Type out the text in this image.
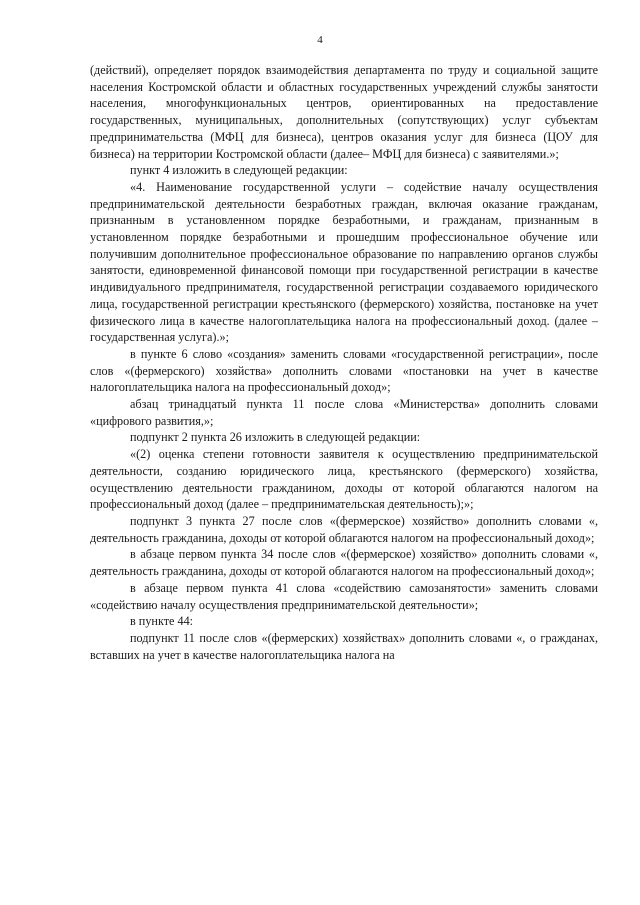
4

(действий), определяет порядок взаимодействия департамента по труду и социальной защите населения Костромской области и областных государственных учреждений службы занятости населения, многофункциональных центров, ориентированных на предоставление государственных, муниципальных, дополнительных (сопутствующих) услуг субъектам предпринимательства (МФЦ для бизнеса), центров оказания услуг для бизнеса (ЦОУ для бизнеса) на территории Костромской области (далее– МФЦ для бизнеса) с заявителями.»;

пункт 4 изложить в следующей редакции:

«4. Наименование государственной услуги – содействие началу осуществления предпринимательской деятельности безработных граждан, включая оказание гражданам, признанным в установленном порядке безработными, и гражданам, признанным в установленном порядке безработными и прошедшим профессиональное обучение или получившим дополнительное профессиональное образование по направлению органов службы занятости, единовременной финансовой помощи при государственной регистрации в качестве индивидуального предпринимателя, государственной регистрации создаваемого юридического лица, государственной регистрации крестьянского (фермерского) хозяйства, постановке на учет физического лица в качестве налогоплательщика налога на профессиональный доход. (далее – государственная услуга).»;

в пункте 6 слово «создания» заменить словами «государственной регистрации», после слов «(фермерского) хозяйства» дополнить словами «постановки на учет в качестве налогоплательщика налога на профессиональный доход»;

абзац тринадцатый пункта 11 после слова «Министерства» дополнить словами «цифрового развития,»;

подпункт 2 пункта 26 изложить в следующей редакции:

«(2) оценка степени готовности заявителя к осуществлению предпринимательской деятельности, созданию юридического лица, крестьянского (фермерского) хозяйства, осуществлению деятельности гражданином, доходы от которой облагаются налогом на профессиональный доход (далее – предпринимательская деятельность);»;

подпункт 3 пункта 27 после слов «(фермерское) хозяйство» дополнить словами «, деятельность гражданина, доходы от которой облагаются налогом на профессиональный доход»;

в абзаце первом пункта 34 после слов «(фермерское) хозяйство» дополнить словами «, деятельность гражданина, доходы от которой облагаются налогом на профессиональный доход»;

в абзаце первом пункта 41 слова «содействию самозанятости» заменить словами «содействию началу осуществления предпринимательской деятельности»;

в пункте 44:

подпункт 11 после слов «(фермерских) хозяйствах» дополнить словами «, о гражданах, вставших на учет в качестве налогоплательщика налога на
